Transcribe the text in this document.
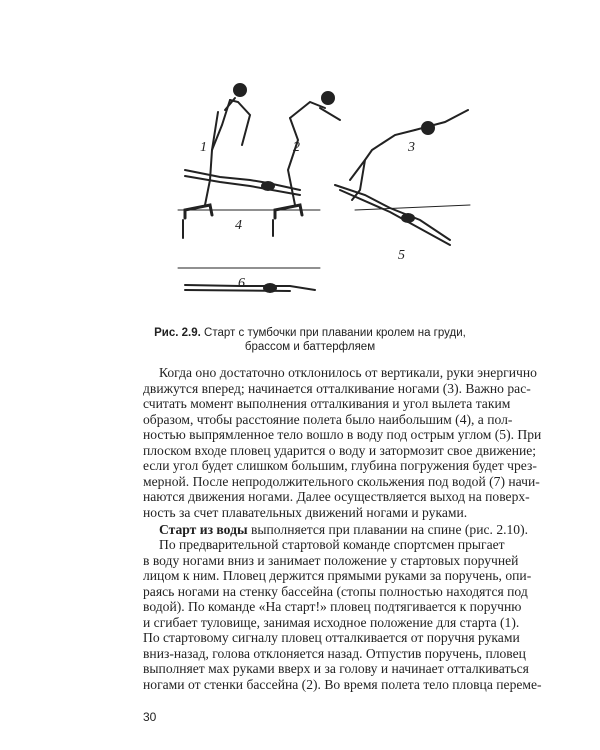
1	2	3
4
5
6
Рис. 2.9. Старт с тумбочки при плавании кролем на груди,
брассом и баттерфляем
Когда оно достаточно отклонилось от вертикали, руки энергично
движутся вперед; начинается отталкивание ногами (3). Важно рас-
считать момент выполнения отталкивания и угол вылета таким
образом, чтобы расстояние полета было наибольшим (4), а пол-
ностью выпрямленное тело вошло в воду под острым углом (5). При
плоском входе пловец ударится о воду и затормозит свое движение;
если угол будет слишком большим, глубина погружения будет чрез-
мерной. После непродолжительного скольжения под водой (7) начи-
наются движения ногами. Далее осуществляется выход на поверх-
ность за счет плавательных движений ногами и руками.
Старт из воды выполняется при плавании на спине (рис. 2.10).
По предварительной стартовой команде спортсмен прыгает
в воду ногами вниз и занимает положение у стартовых поручней
лицом к ним. Пловец держится прямыми руками за поручень, опи-
раясь ногами на стенку бассейна (стопы полностью находятся под
водой). По команде «На старт!» пловец подтягивается к поручню
и сгибает туловище, занимая исходное положение для старта (1).
По стартовому сигналу пловец отталкивается от поручня руками
вниз-назад, голова отклоняется назад. Отпустив поручень, пловец
выполняет мах руками вверх и за голову и начинает отталкиваться
ногами от стенки бассейна (2). Во время полета тело пловца переме-
30
